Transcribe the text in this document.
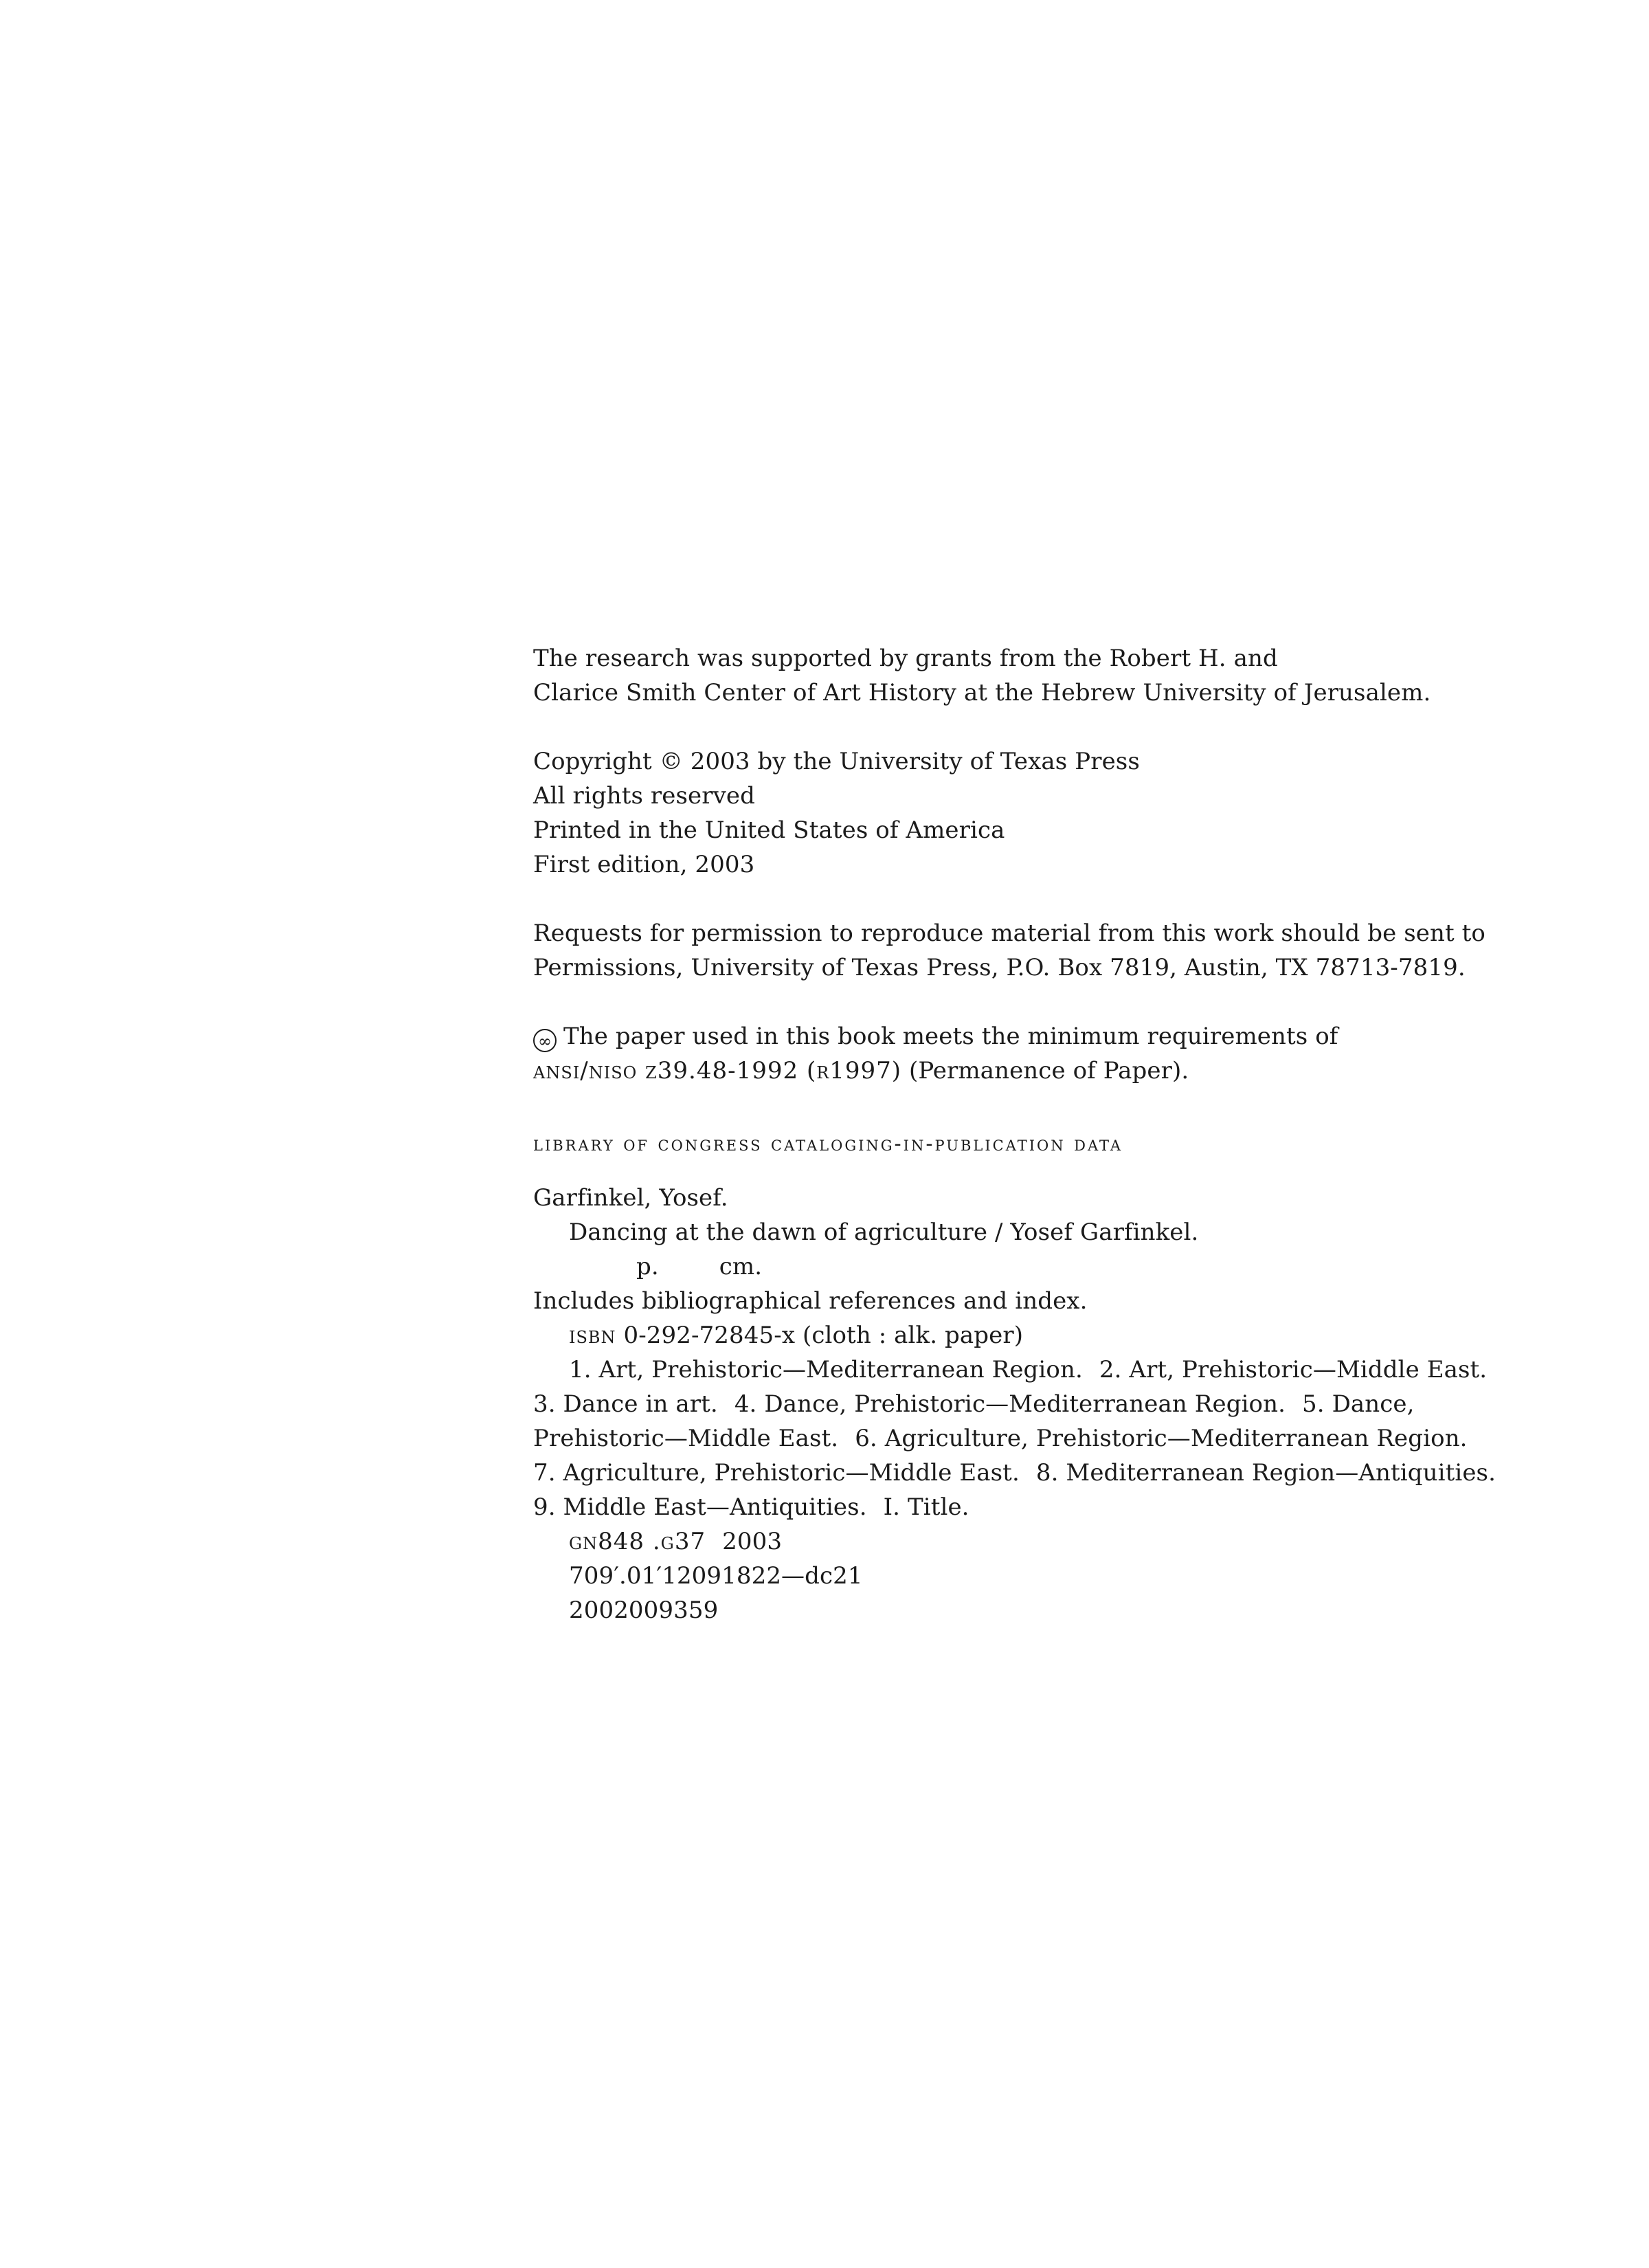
The research was supported by grants from the Robert H. and
Clarice Smith Center of Art History at the Hebrew University of Jerusalem.
Copyright © 2003 by the University of Texas Press
All rights reserved
Printed in the United States of America
First edition, 2003
Requests for permission to reproduce material from this work should be sent to
Permissions, University of Texas Press, P.O. Box 7819, Austin, TX 78713-7819.
∞ The paper used in this book meets the minimum requirements of
ansi/niso z39.48-1992 (r1997) (Permanence of Paper).
library of congress cataloging-in-publication data
Garfinkel, Yosef.
Dancing at the dawn of agriculture / Yosef Garfinkel.
p.	cm.
Includes bibliographical references and index.
isbn 0-292-72845-x (cloth : alk. paper)
1. Art, Prehistoric—Mediterranean Region. 2. Art, Prehistoric—Middle East.
3. Dance in art. 4. Dance, Prehistoric—Mediterranean Region. 5. Dance,
Prehistoric—Middle East. 6. Agriculture, Prehistoric—Mediterranean Region.
7. Agriculture, Prehistoric—Middle East. 8. Mediterranean Region—Antiquities.
9. Middle East—Antiquities. I. Title.
gn848 .g37 2003
709′.01′12091822—dc21
2002009359
